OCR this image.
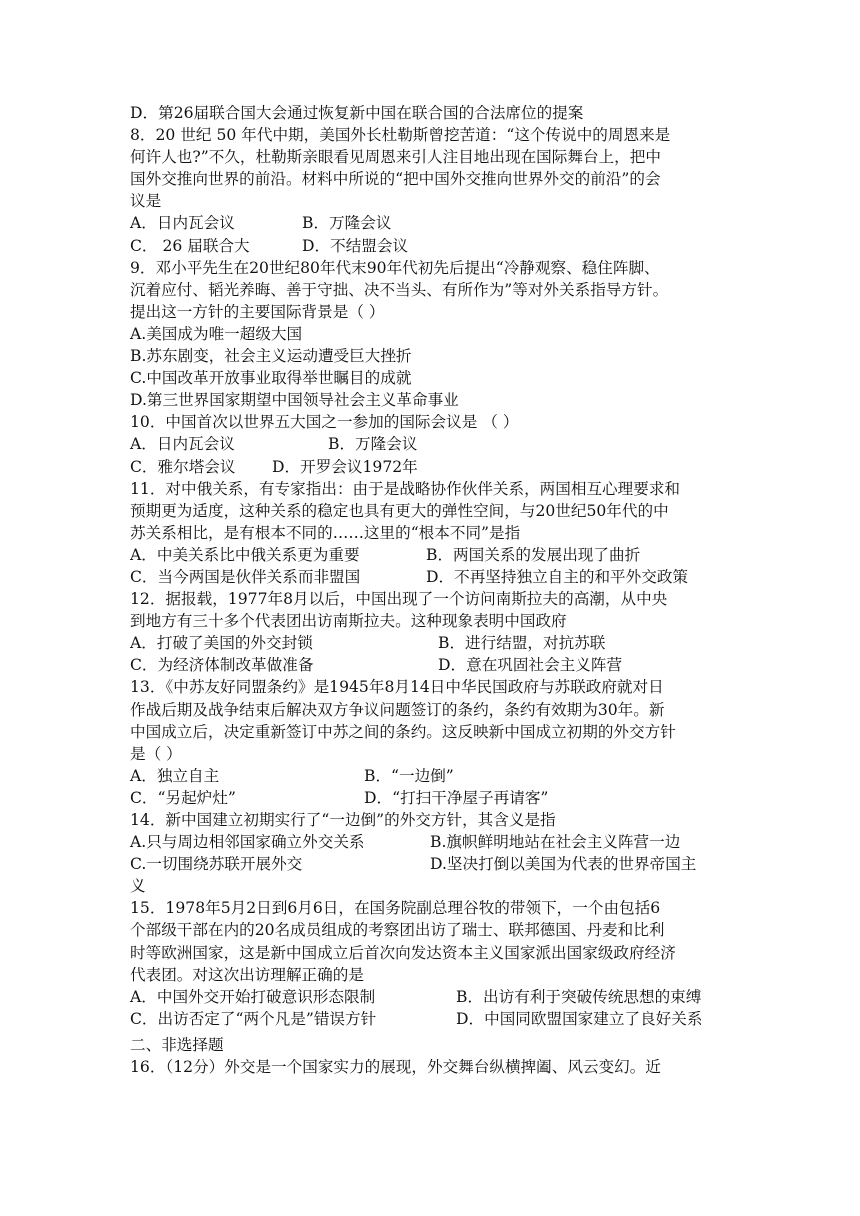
D．第26届联合国大会通过恢复新中国在联合国的合法席位的提案
8．20 世纪 50 年代中期，美国外长杜勒斯曾挖苦道：“这个传说中的周恩来是
何许人也?”不久，杜勒斯亲眼看见周恩来引人注目地出现在国际舞台上，把中
国外交推向世界的前沿。材料中所说的“把中国外交推向世界外交的前沿”的会
议是
A．日内瓦会议	B．万隆会议
C． 26 届联合大	D．不结盟会议
9．邓小平先生在20世纪80年代末90年代初先后提出“冷静观察、稳住阵脚、
沉着应付、韬光养晦、善于守拙、决不当头、有所作为”等对外关系指导方针。
提出这一方针的主要国际背景是（ ）
A.美国成为唯一超级大国
B.苏东剧变，社会主义运动遭受巨大挫折
C.中国改革开放事业取得举世瞩目的成就
D.第三世界国家期望中国领导社会主义革命事业
10．中国首次以世界五大国之一参加的国际会议是 （ ）
A．日内瓦会议	B．万隆会议
C．雅尔塔会议	D．开罗会议1972年
11．对中俄关系，有专家指出：由于是战略协作伙伴关系，两国相互心理要求和
预期更为适度，这种关系的稳定也具有更大的弹性空间，与20世纪50年代的中
苏关系相比，是有根本不同的……这里的“根本不同”是指
A．中美关系比中俄关系更为重要	B．两国关系的发展出现了曲折
C．当今两国是伙伴关系而非盟国	D．不再坚持独立自主的和平外交政策
12．据报载，1977年8月以后，中国出现了一个访问南斯拉夫的高潮，从中央
到地方有三十多个代表团出访南斯拉夫。这种现象表明中国政府
A．打破了美国的外交封锁	B．进行结盟，对抗苏联
C．为经济体制改革做准备	D．意在巩固社会主义阵营
13．《中苏友好同盟条约》是1945年8月14日中华民国政府与苏联政府就对日
作战后期及战争结束后解决双方争议问题签订的条约，条约有效期为30年。新
中国成立后，决定重新签订中苏之间的条约。这反映新中国成立初期的外交方针
是（ ）
A．独立自主	B．“一边倒”
C．“另起炉灶”	D．“打扫干净屋子再请客”
14．新中国建立初期实行了“一边倒”的外交方针，其含义是指
A.只与周边相邻国家确立外交关系	B.旗帜鲜明地站在社会主义阵营一边
C.一切围绕苏联开展外交	D.坚决打倒以美国为代表的世界帝国主
义
15．1978年5月2日到6月6日，在国务院副总理谷牧的带领下，一个由包括6
个部级干部在内的20名成员组成的考察团出访了瑞士、联邦德国、丹麦和比利
时等欧洲国家，这是新中国成立后首次向发达资本主义国家派出国家级政府经济
代表团。对这次出访理解正确的是
A．中国外交开始打破意识形态限制	B．出访有利于突破传统思想的束缚
C．出访否定了“两个凡是”错误方针	D．中国同欧盟国家建立了良好关系
二、非选择题
16．（12分）外交是一个国家实力的展现，外交舞台纵横捭阖、风云变幻。近
